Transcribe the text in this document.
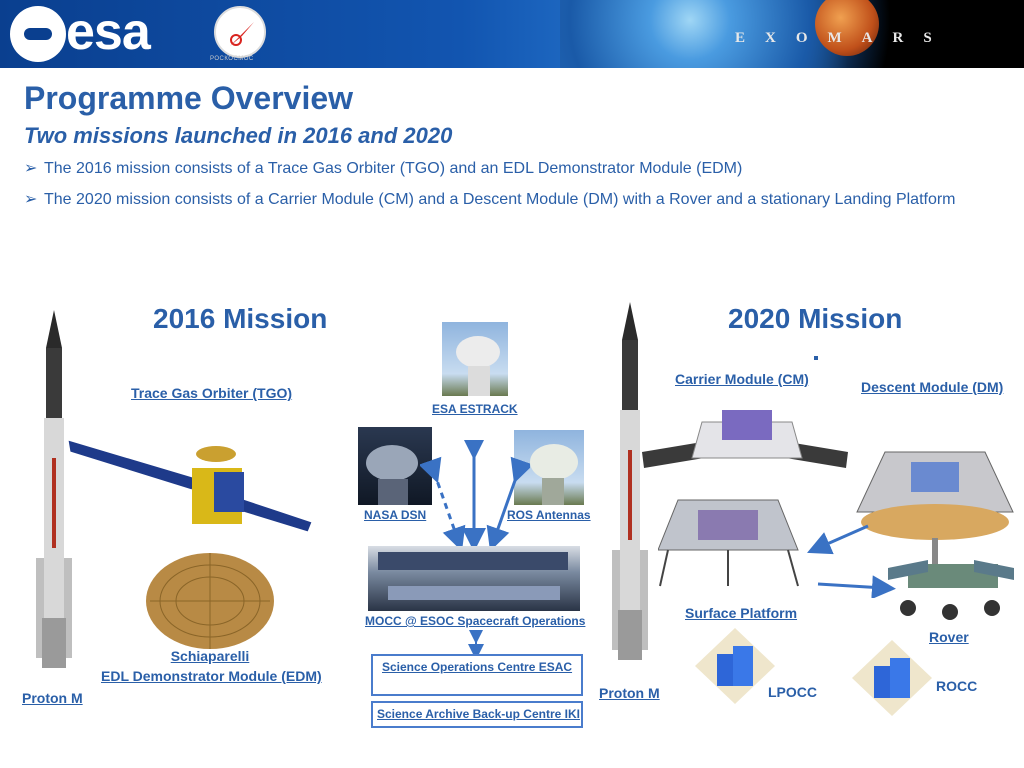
esa	РОСКОСМОС
EXOMARS
Programme Overview
Two missions launched in 2016 and 2020
➢ The 2016 mission consists of a Trace Gas Orbiter (TGO) and an EDL Demonstrator Module (EDM)
➢ The 2020 mission consists of a Carrier Module (CM) and a Descent Module (DM) with a Rover and a stationary Landing Platform
2016 Mission
Proton M
Trace Gas Orbiter (TGO)
Schiaparelli
EDL Demonstrator Module (EDM)
ESA ESTRACK
NASA DSN	ROS Antennas
MOCC @ ESOC Spacecraft Operations
Science Operations Centre ESAC
Science Archive Back-up Centre IKI
2020 Mission
Proton M
Carrier Module (CM)	Descent Module (DM)
Surface Platform
Rover
LPOCC	ROCC
